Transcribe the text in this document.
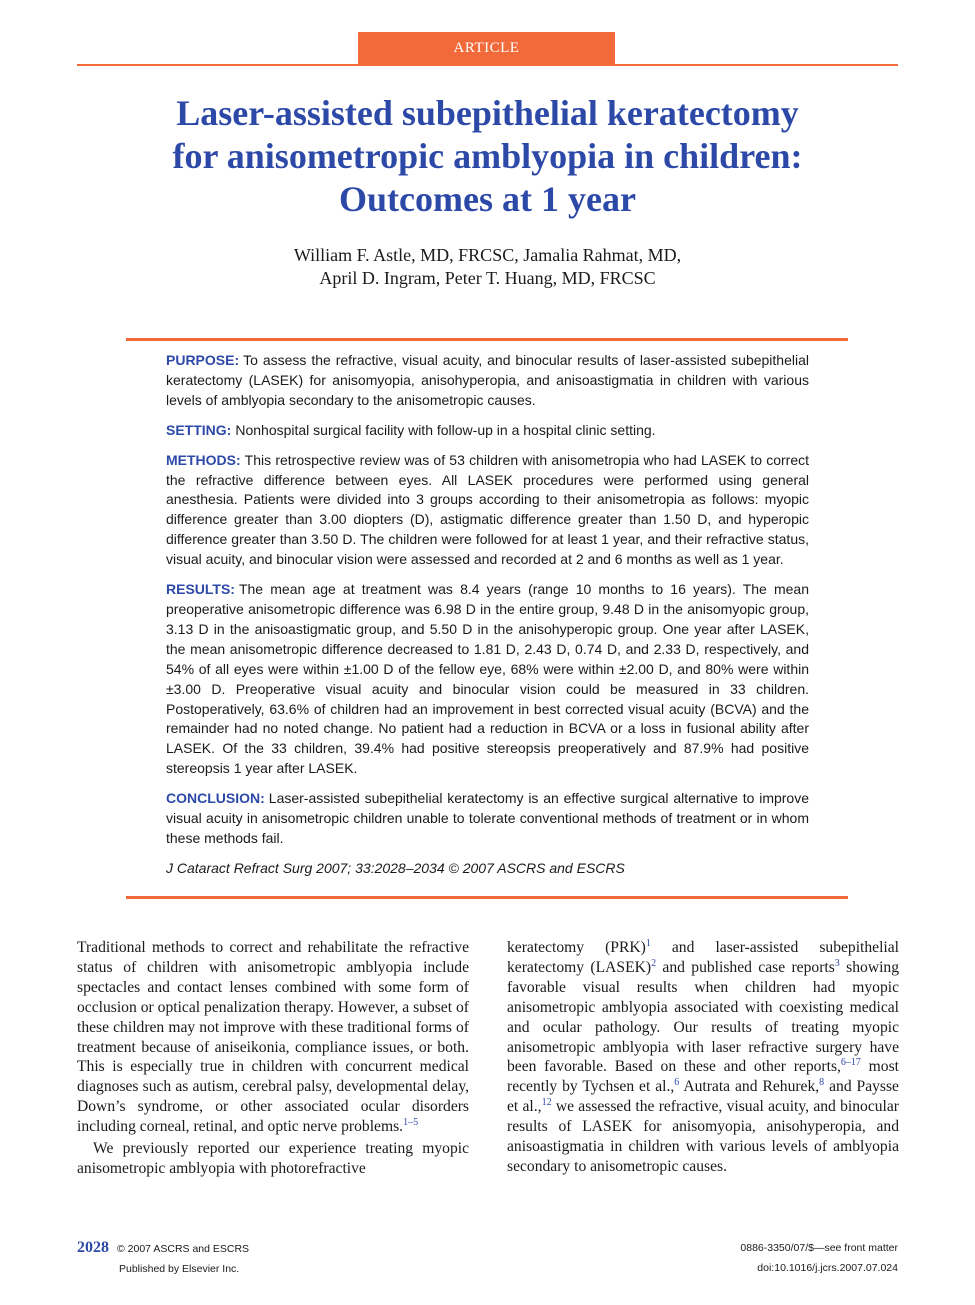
ARTICLE
Laser-assisted subepithelial keratectomy
for anisometropic amblyopia in children:
Outcomes at 1 year
William F. Astle, MD, FRCSC, Jamalia Rahmat, MD,
April D. Ingram, Peter T. Huang, MD, FRCSC

PURPOSE: To assess the refractive, visual acuity, and binocular results of laser-assisted subepithelial keratectomy (LASEK) for anisomyopia, anisohyperopia, and anisoastigmatia in children with various levels of amblyopia secondary to the anisometropic causes.

SETTING: Nonhospital surgical facility with follow-up in a hospital clinic setting.

METHODS: This retrospective review was of 53 children with anisometropia who had LASEK to correct the refractive difference between eyes. All LASEK procedures were performed using general anesthesia. Patients were divided into 3 groups according to their anisometropia as follows: myopic difference greater than 3.00 diopters (D), astigmatic difference greater than 1.50 D, and hyperopic difference greater than 3.50 D. The children were followed for at least 1 year, and their refractive status, visual acuity, and binocular vision were assessed and recorded at 2 and 6 months as well as 1 year.

RESULTS: The mean age at treatment was 8.4 years (range 10 months to 16 years). The mean preoperative anisometropic difference was 6.98 D in the entire group, 9.48 D in the anisomyopic group, 3.13 D in the anisoastigmatic group, and 5.50 D in the anisohyperopic group. One year after LASEK, the mean anisometropic difference decreased to 1.81 D, 2.43 D, 0.74 D, and 2.33 D, respectively, and 54% of all eyes were within ±1.00 D of the fellow eye, 68% were within ±2.00 D, and 80% were within ±3.00 D. Preoperative visual acuity and binocular vision could be measured in 33 children. Postoperatively, 63.6% of children had an improvement in best corrected visual acuity (BCVA) and the remainder had no noted change. No patient had a reduction in BCVA or a loss in fusional ability after LASEK. Of the 33 children, 39.4% had positive stereopsis preoperatively and 87.9% had positive stereopsis 1 year after LASEK.

CONCLUSION: Laser-assisted subepithelial keratectomy is an effective surgical alternative to improve visual acuity in anisometropic children unable to tolerate conventional methods of treatment or in whom these methods fail.

J Cataract Refract Surg 2007; 33:2028–2034 © 2007 ASCRS and ESCRS

Traditional methods to correct and rehabilitate the refractive status of children with anisometropic amblyopia include spectacles and contact lenses combined with some form of occlusion or optical penalization therapy. However, a subset of these children may not improve with these traditional forms of treatment because of aniseikonia, compliance issues, or both. This is especially true in children with concurrent medical diagnoses such as autism, cerebral palsy, developmental delay, Down’s syndrome, or other associated ocular disorders including corneal, retinal, and optic nerve problems.$^{1-5}$

We previously reported our experience treating myopic anisometropic amblyopia with photorefractive

keratectomy (PRK)$^1$ and laser-assisted subepithelial keratectomy (LASEK)$^2$ and published case reports$^3$ showing favorable visual results when children had myopic anisometropic amblyopia associated with coexisting medical and ocular pathology. Our results of treating myopic anisometropic amblyopia with laser refractive surgery have been favorable. Based on these and other reports,$^{6-17}$ most recently by Tychsen et al.,$^6$ Autrata and Rehurek,$^8$ and Paysse et al.,$^{12}$ we assessed the refractive, visual acuity, and binocular results of LASEK for anisomyopia, anisohyperopia, and anisoastigmatia in children with various levels of amblyopia secondary to anisometropic causes.

2028 © 2007 ASCRS and ESCRS
Published by Elsevier Inc.
0886-3350/07/$—see front matter
doi:10.1016/j.jcrs.2007.07.024
